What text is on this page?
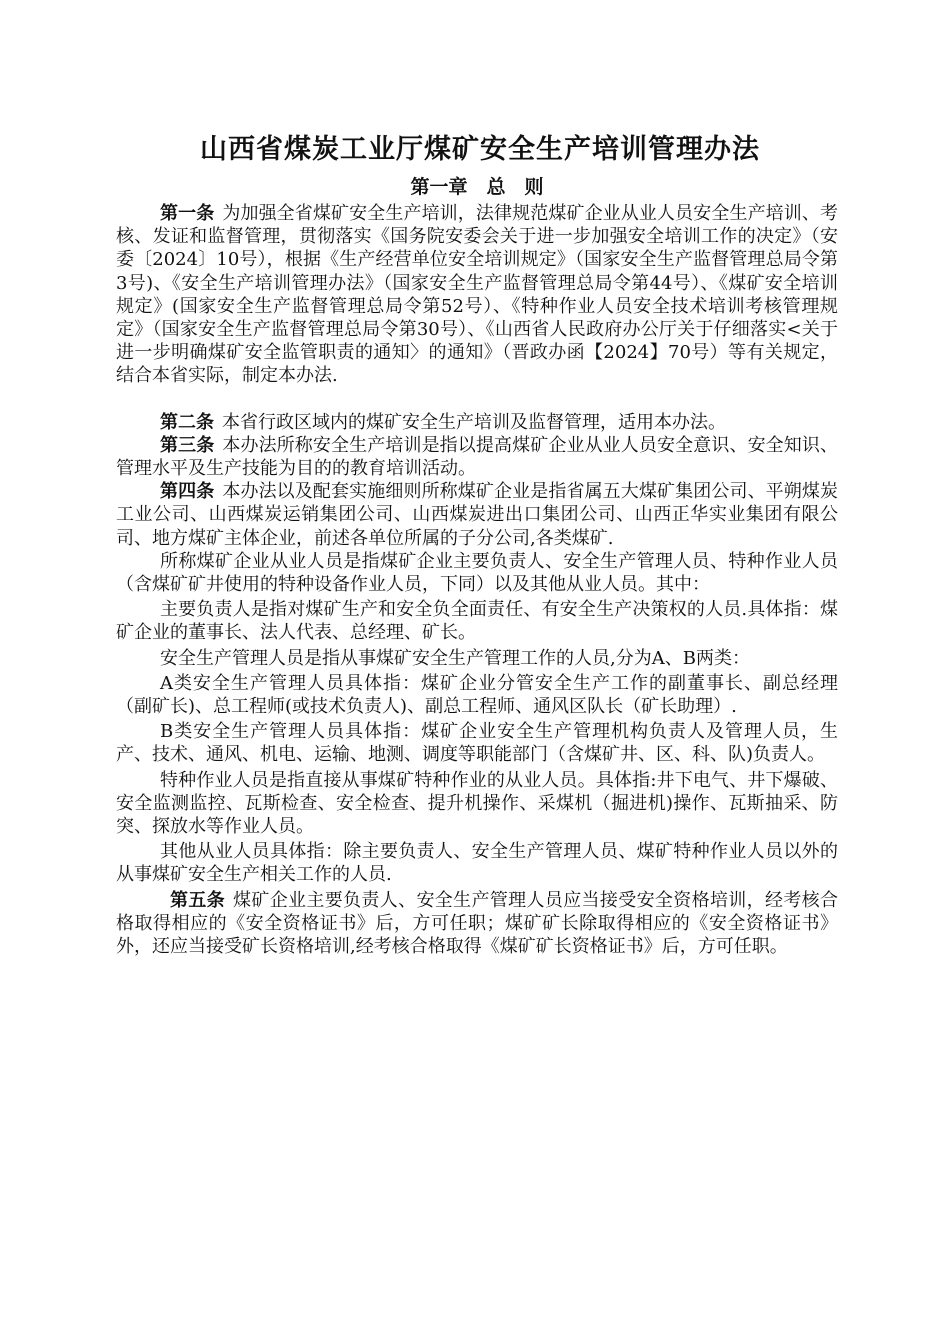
山西省煤炭工业厅煤矿安全生产培训管理办法
第一章　总　则

第一条 为加强全省煤矿安全生产培训，法律规范煤矿企业从业人员安全生产培训、考核、发证和监督管理，贯彻落实《国务院安委会关于进一步加强安全培训工作的决定》（安委〔2024〕10号），根据《生产经营单位安全培训规定》（国家安全生产监督管理总局令第3号)、《安全生产培训管理办法》（国家安全生产监督管理总局令第44号）、《煤矿安全培训规定》(国家安全生产监督管理总局令第52号）、《特种作业人员安全技术培训考核管理规定》（国家安全生产监督管理总局令第30号）、《山西省人民政府办公厅关于仔细落实<关于进一步明确煤矿安全监管职责的通知〉的通知》（晋政办函【2024】70号）等有关规定，结合本省实际，制定本办法.

第二条 本省行政区域内的煤矿安全生产培训及监督管理，适用本办法。

第三条 本办法所称安全生产培训是指以提高煤矿企业从业人员安全意识、安全知识、管理水平及生产技能为目的的教育培训活动。

第四条 本办法以及配套实施细则所称煤矿企业是指省属五大煤矿集团公司、平朔煤炭工业公司、山西煤炭运销集团公司、山西煤炭进出口集团公司、山西正华实业集团有限公司、地方煤矿主体企业，前述各单位所属的子分公司,各类煤矿.

所称煤矿企业从业人员是指煤矿企业主要负责人、安全生产管理人员、特种作业人员（含煤矿矿井使用的特种设备作业人员，下同）以及其他从业人员。其中：

主要负责人是指对煤矿生产和安全负全面责任、有安全生产决策权的人员.具体指：煤矿企业的董事长、法人代表、总经理、矿长。

安全生产管理人员是指从事煤矿安全生产管理工作的人员,分为A、B两类：

A类安全生产管理人员具体指：煤矿企业分管安全生产工作的副董事长、副总经理（副矿长)、总工程师(或技术负责人)、副总工程师、通风区队长（矿长助理）.

B类安全生产管理人员具体指：煤矿企业安全生产管理机构负责人及管理人员，生产、技术、通风、机电、运输、地测、调度等职能部门（含煤矿井、区、科、队)负责人。

特种作业人员是指直接从事煤矿特种作业的从业人员。具体指:井下电气、井下爆破、安全监测监控、瓦斯检查、安全检查、提升机操作、采煤机（掘进机)操作、瓦斯抽采、防突、探放水等作业人员。

其他从业人员具体指：除主要负责人、安全生产管理人员、煤矿特种作业人员以外的从事煤矿安全生产相关工作的人员.

第五条 煤矿企业主要负责人、安全生产管理人员应当接受安全资格培训，经考核合格取得相应的《安全资格证书》后，方可任职；煤矿矿长除取得相应的《安全资格证书》外，还应当接受矿长资格培训,经考核合格取得《煤矿矿长资格证书》后，方可任职。
